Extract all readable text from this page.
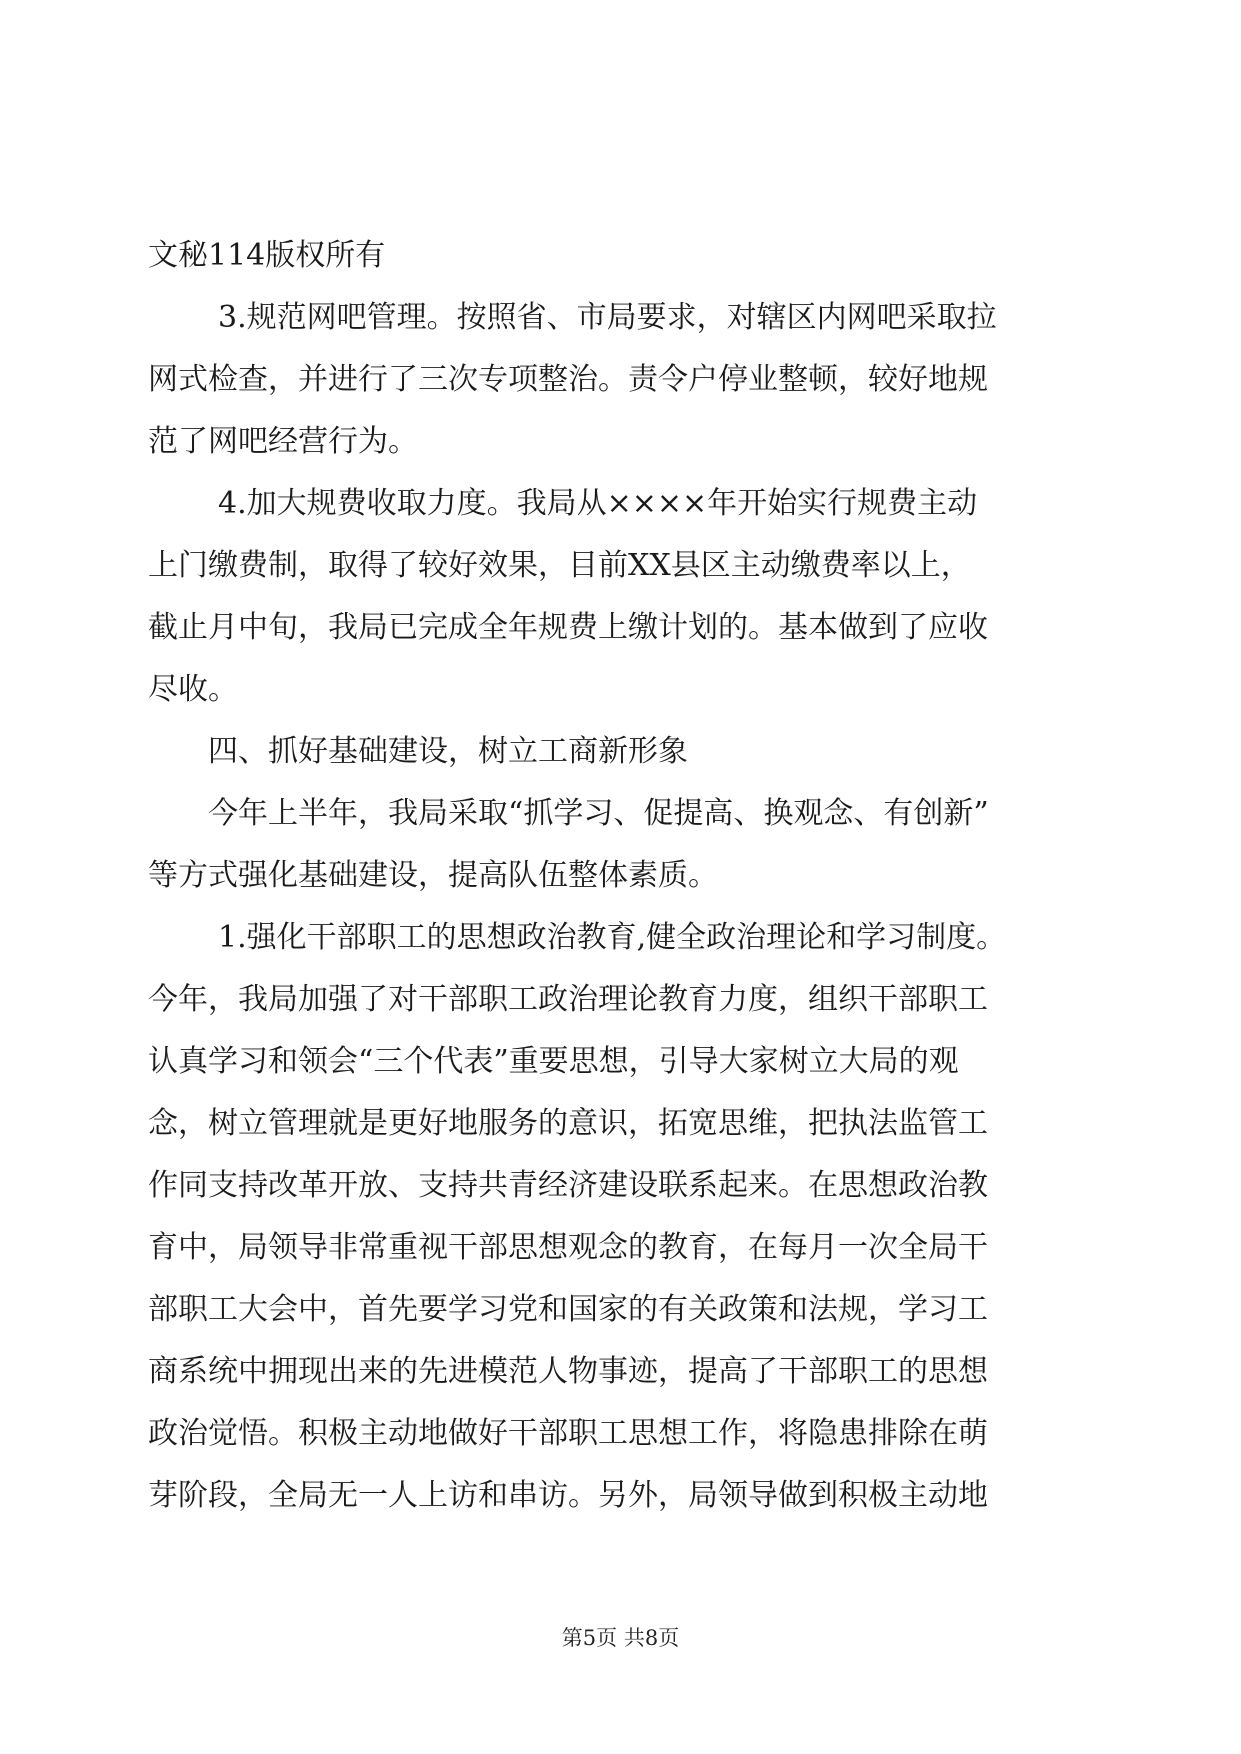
文秘114版权所有
3.规范网吧管理。按照省、市局要求，对辖区内网吧采取拉
网式检查，并进行了三次专项整治。责令户停业整顿，较好地规
范了网吧经营行为。
4.加大规费收取力度。我局从××××年开始实行规费主动
上门缴费制，取得了较好效果，目前XX县区主动缴费率以上，
截止月中旬，我局已完成全年规费上缴计划的。基本做到了应收
尽收。
四、抓好基础建设，树立工商新形象
今年上半年，我局采取“抓学习、促提高、换观念、有创新”
等方式强化基础建设，提高队伍整体素质。
1.强化干部职工的思想政治教育,健全政治理论和学习制度。
今年，我局加强了对干部职工政治理论教育力度，组织干部职工
认真学习和领会“三个代表”重要思想，引导大家树立大局的观
念，树立管理就是更好地服务的意识，拓宽思维，把执法监管工
作同支持改革开放、支持共青经济建设联系起来。在思想政治教
育中，局领导非常重视干部思想观念的教育，在每月一次全局干
部职工大会中，首先要学习党和国家的有关政策和法规，学习工
商系统中拥现出来的先进模范人物事迹，提高了干部职工的思想
政治觉悟。积极主动地做好干部职工思想工作，将隐患排除在萌
芽阶段，全局无一人上访和串访。另外，局领导做到积极主动地
第5页 共8页
